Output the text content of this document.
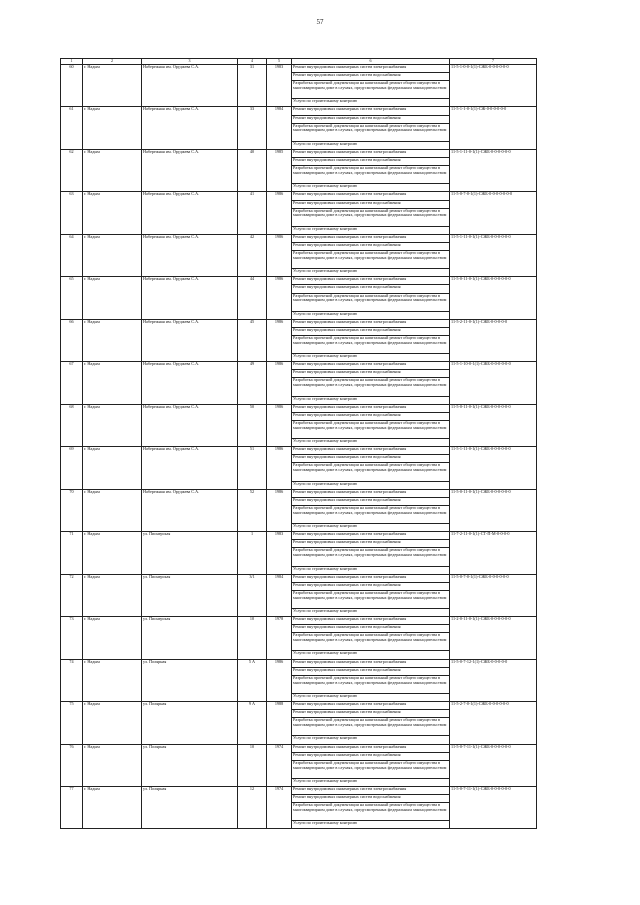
57
1	2	3	4	5	6	7
60	г. Надым	Набережная им. Оруджева С.А.	31	1983	Ремонт внутридомовых инженерных систем электроснабжения	11-5-1-0-0-1(1)-СЖБ-0-0-0-0-0-0
					Ремонт внутридомовых инженерных систем водоснабжения	
					Разработка проектной документации на капитальный ремонт общего имущества в многоквартирном доме в случаях, предусмотренных федеральным законодательством	
					Услуги по строительному контролю	
61	г. Надым	Набережная им. Оруджева С.А.	33	1984	Ремонт внутридомовых инженерных систем электроснабжения	11-5-1-1-0-1(1)-СЖ-0-0-0-0-0-0
					Ремонт внутридомовых инженерных систем водоснабжения	
					Разработка проектной документации на капитальный ремонт общего имущества в многоквартирном доме в случаях, предусмотренных федеральным законодательством	
					Услуги по строительному контролю	
62	г. Надым	Набережная им. Оруджева С.А.	40	1985	Ремонт внутридомовых инженерных систем электроснабжения	11-5-1-11-0-1(1)-СЖБ-0-0-0-0-0-0
					Ремонт внутридомовых инженерных систем водоснабжения	
					Разработка проектной документации на капитальный ремонт общего имущества в многоквартирном доме в случаях, предусмотренных федеральным законодательством	
					Услуги по строительному контролю	
63	г. Надым	Набережная им. Оруджева С.А.	41	1986	Ремонт внутридомовых инженерных систем электроснабжения	11-5-0-7-0-1(1)-СЖБ-0-0-0-0-0-0-0
					Ремонт внутридомовых инженерных систем водоснабжения	
					Разработка проектной документации на капитальный ремонт общего имущества в многоквартирном доме в случаях, предусмотренных федеральным законодательством	
					Услуги по строительному контролю	
64	г. Надым	Набережная им. Оруджева С.А.	42	1986	Ремонт внутридомовых инженерных систем электроснабжения	11-5-1-11-0-1(1)-СЖБ-0-0-0-0-0-0
					Ремонт внутридомовых инженерных систем водоснабжения	
					Разработка проектной документации на капитальный ремонт общего имущества в многоквартирном доме в случаях, предусмотренных федеральным законодательством	
					Услуги по строительному контролю	
65	г. Надым	Набережная им. Оруджева С.А.	44	1986	Ремонт внутридомовых инженерных систем электроснабжения	11-5-0-11-0-1(1)-СЖБ-0-0-0-0-0-0
					Ремонт внутридомовых инженерных систем водоснабжения	
					Разработка проектной документации на капитальный ремонт общего имущества в многоквартирном доме в случаях, предусмотренных федеральным законодательством	
					Услуги по строительному контролю	
66	г. Надым	Набережная им. Оруджева С.А.	45	1986	Ремонт внутридомовых инженерных систем электроснабжения	11-5-2-11-0-1(1)-СЖБ-0-0-0-0-0
					Ремонт внутридомовых инженерных систем водоснабжения	
					Разработка проектной документации на капитальный ремонт общего имущества в многоквартирном доме в случаях, предусмотренных федеральным законодательством	
					Услуги по строительному контролю	
67	г. Надым	Набережная им. Оруджева С.А.	49	1986	Ремонт внутридомовых инженерных систем электроснабжения	11-5-1-10-0-1(1)-СЖБ-0-0-0-0-0-0
					Ремонт внутридомовых инженерных систем водоснабжения	
					Разработка проектной документации на капитальный ремонт общего имущества в многоквартирном доме в случаях, предусмотренных федеральным законодательством	
					Услуги по строительному контролю	
68	г. Надым	Набережная им. Оруджева С.А.	50	1986	Ремонт внутридомовых инженерных систем электроснабжения	11-5-0-11-0-1(1)-СЖБ-0-0-0-0-0-0
					Ремонт внутридомовых инженерных систем водоснабжения	
					Разработка проектной документации на капитальный ремонт общего имущества в многоквартирном доме в случаях, предусмотренных федеральным законодательством	
					Услуги по строительному контролю	
69	г. Надым	Набережная им. Оруджева С.А.	51	1986	Ремонт внутридомовых инженерных систем электроснабжения	11-5-1-11-0-1(1)-СЖБ-0-0-0-0-0-0
					Ремонт внутридомовых инженерных систем водоснабжения	
					Разработка проектной документации на капитальный ремонт общего имущества в многоквартирном доме в случаях, предусмотренных федеральным законодательством	
					Услуги по строительному контролю	
70	г. Надым	Набережная им. Оруджева С.А.	52	1986	Ремонт внутридомовых инженерных систем электроснабжения	11-5-0-11-0-1(1)-СЖБ-0-0-0-0-0-0
					Ремонт внутридомовых инженерных систем водоснабжения	
					Разработка проектной документации на капитальный ремонт общего имущества в многоквартирном доме в случаях, предусмотренных федеральным законодательством	
					Услуги по строительному контролю	
71	г. Надым	ул. Пионерская	1	1983	Ремонт внутридомовых инженерных систем электроснабжения	11-7-2-11-0-1(1)-СТ-П-М-0-0-0-0
					Ремонт внутридомовых инженерных систем водоснабжения	
					Разработка проектной документации на капитальный ремонт общего имущества в многоквартирном доме в случаях, предусмотренных федеральным законодательством	
					Услуги по строительному контролю	
72	г. Надым	ул. Пионерская	3/1	1984	Ремонт внутридомовых инженерных систем электроснабжения	11-5-0-7-0-1(1)-СЖБ-0-0-0-0-0-0
					Ремонт внутридомовых инженерных систем водоснабжения	
					Разработка проектной документации на капитальный ремонт общего имущества в многоквартирном доме в случаях, предусмотренных федеральным законодательством	
					Услуги по строительному контролю	
73	г. Надым	ул. Пионерская	10	1978	Ремонт внутридомовых инженерных систем электроснабжения	11-2-0-11-0-1(1)-СЖБ-0-0-0-0-0-0
					Ремонт внутридомовых инженерных систем водоснабжения	
					Разработка проектной документации на капитальный ремонт общего имущества в многоквартирном доме в случаях, предусмотренных федеральным законодательством	
					Услуги по строительному контролю	
74	г. Надым	ул. Полярная	5 А	1986	Ремонт внутридомовых инженерных систем электроснабжения	11-5-0-7-12-1(1)-СЖБ-0-0-0-0-0
					Ремонт внутридомовых инженерных систем водоснабжения	
					Разработка проектной документации на капитальный ремонт общего имущества в многоквартирном доме в случаях, предусмотренных федеральным законодательством	
					Услуги по строительному контролю	
75	г. Надым	ул. Полярная	9 А	1988	Ремонт внутридомовых инженерных систем электроснабжения	11-5-2-7-0-1(1)-СЖБ-0-0-0-0-0-0
					Ремонт внутридомовых инженерных систем водоснабжения	
					Разработка проектной документации на капитальный ремонт общего имущества в многоквартирном доме в случаях, предусмотренных федеральным законодательством	
					Услуги по строительному контролю	
76	г. Надым	ул. Полярная	10	1974	Ремонт внутридомовых инженерных систем электроснабжения	11-5-0-7-11-1(1)-СЖБ-0-0-0-0-0-0
					Ремонт внутридомовых инженерных систем водоснабжения	
					Разработка проектной документации на капитальный ремонт общего имущества в многоквартирном доме в случаях, предусмотренных федеральным законодательством	
					Услуги по строительному контролю	
77	г. Надым	ул. Полярная	12	1974	Ремонт внутридомовых инженерных систем электроснабжения	11-5-0-7-11-1(1)-СЖБ-0-0-0-0-0-0
					Ремонт внутридомовых инженерных систем водоснабжения	
					Разработка проектной документации на капитальный ремонт общего имущества в многоквартирном доме в случаях, предусмотренных федеральным законодательством	
					Услуги по строительному контролю	
